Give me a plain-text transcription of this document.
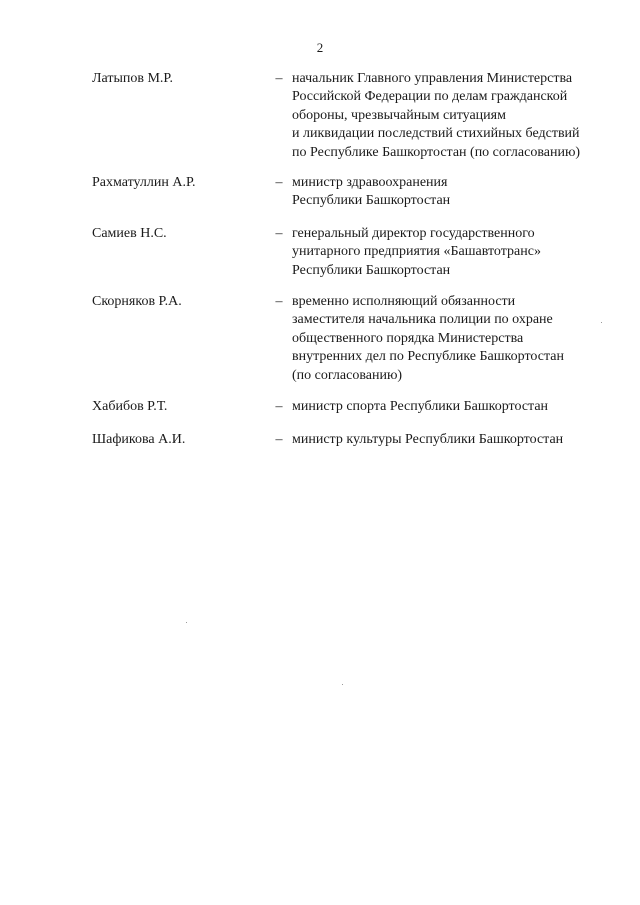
2
Латыпов М.Р.	– начальник Главного управления Министерства
Российской Федерации по делам гражданской
обороны, чрезвычайным ситуациям
и ликвидации последствий стихийных бедствий
по Республике Башкортостан (по согласованию)
Рахматуллин А.Р.	– министр здравоохранения
Республики Башкортостан
Самиев Н.С.	– генеральный директор государственного
унитарного предприятия «Башавтотранс»
Республики Башкортостан
Скорняков Р.А.	– временно исполняющий обязанности
заместителя начальника полиции по охране
общественного порядка Министерства
внутренних дел по Республике Башкортостан
(по согласованию)
Хабибов Р.Т.	– министр спорта Республики Башкортостан
Шафикова А.И.	– министр культуры Республики Башкортостан
